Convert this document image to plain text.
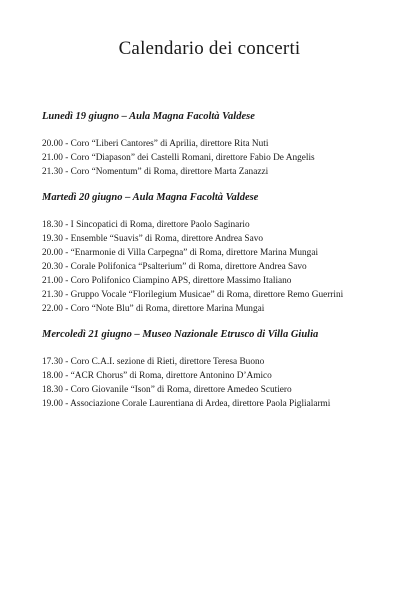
Calendario dei concerti

Lunedì 19 giugno – Aula Magna Facoltà Valdese

20.00 - Coro “Liberi Cantores” di Aprilia, direttore Rita Nuti

21.00 - Coro “Diapason” dei Castelli Romani, direttore Fabio De Angelis

21.30 - Coro “Nomentum” di Roma, direttore Marta Zanazzi

Martedì 20 giugno – Aula Magna Facoltà Valdese

18.30 - I Sincopatici di Roma, direttore Paolo Saginario

19.30 - Ensemble “Suavis” di Roma, direttore Andrea Savo

20.00 - “Enarmonie di Villa Carpegna” di Roma, direttore Marina Mungai

20.30 - Corale Polifonica “Psalterium” di Roma, direttore Andrea Savo

21.00 - Coro Polifonico Ciampino APS, direttore Massimo Italiano

21.30 - Gruppo Vocale “Florilegium Musicae” di Roma, direttore Remo Guerrini

22.00 - Coro “Note Blu” di Roma, direttore Marina Mungai

Mercoledì 21 giugno – Museo Nazionale Etrusco di Villa Giulia

17.30 - Coro C.A.I. sezione di Rieti, direttore Teresa Buono

18.00 - “ACR Chorus” di Roma, direttore Antonino D’Amico

18.30 - Coro Giovanile “Ison” di Roma, direttore Amedeo Scutiero

19.00 - Associazione Corale Laurentiana di Ardea, direttore Paola Piglialarmi
